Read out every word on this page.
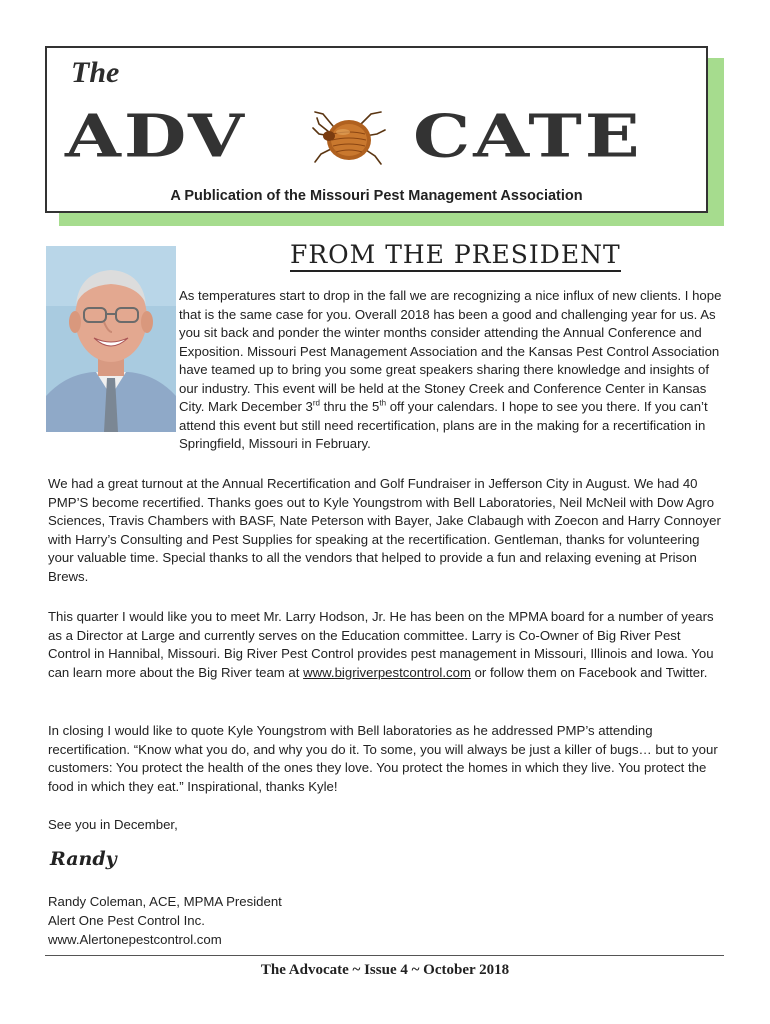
The
ADV CATE
A Publication of the Missouri Pest Management Association
FROM THE PRESIDENT
As temperatures start to drop in the fall we are recognizing a nice influx of new clients. I hope that is the same case for you. Overall 2018 has been a good and challenging year for us. As you sit back and ponder the winter months consider attending the Annual Conference and Exposition. Missouri Pest Management Association and the Kansas Pest Control Association have teamed up to bring you some great speakers sharing there knowledge and insights of our industry. This event will be held at the Stoney Creek and Conference Center in Kansas City. Mark December 3rd thru the 5th off your calendars. I hope to see you there. If you can’t attend this event but still need recertification, plans are in the making for a recertification in Springfield, Missouri in February.
We had a great turnout at the Annual Recertification and Golf Fundraiser in Jefferson City in August. We had 40 PMP’S become recertified. Thanks goes out to Kyle Youngstrom with Bell Laboratories, Neil McNeil with Dow Agro Sciences, Travis Chambers with BASF, Nate Peterson with Bayer, Jake Clabaugh with Zoecon and Harry Connoyer with Harry’s Consulting and Pest Supplies for speaking at the recertification. Gentleman, thanks for volunteering your valuable time. Special thanks to all the vendors that helped to provide a fun and relaxing evening at Prison Brews.
This quarter I would like you to meet Mr. Larry Hodson, Jr. He has been on the MPMA board for a number of years as a Director at Large and currently serves on the Education committee. Larry is Co-Owner of Big River Pest Control in Hannibal, Missouri. Big River Pest Control provides pest management in Missouri, Illinois and Iowa. You can learn more about the Big River team at www.bigriverpestcontrol.com or follow them on Facebook and Twitter.
In closing I would like to quote Kyle Youngstrom with Bell laboratories as he addressed PMP’s attending recertification. “Know what you do, and why you do it. To some, you will always be just a killer of bugs… but to your customers: You protect the health of the ones they love. You protect the homes in which they live. You protect the food in which they eat.” Inspirational, thanks Kyle!
See you in December,
Randy
Randy Coleman, ACE, MPMA President
Alert One Pest Control Inc.
www.Alertonepestcontrol.com
The Advocate ~ Issue 4 ~ October 2018
